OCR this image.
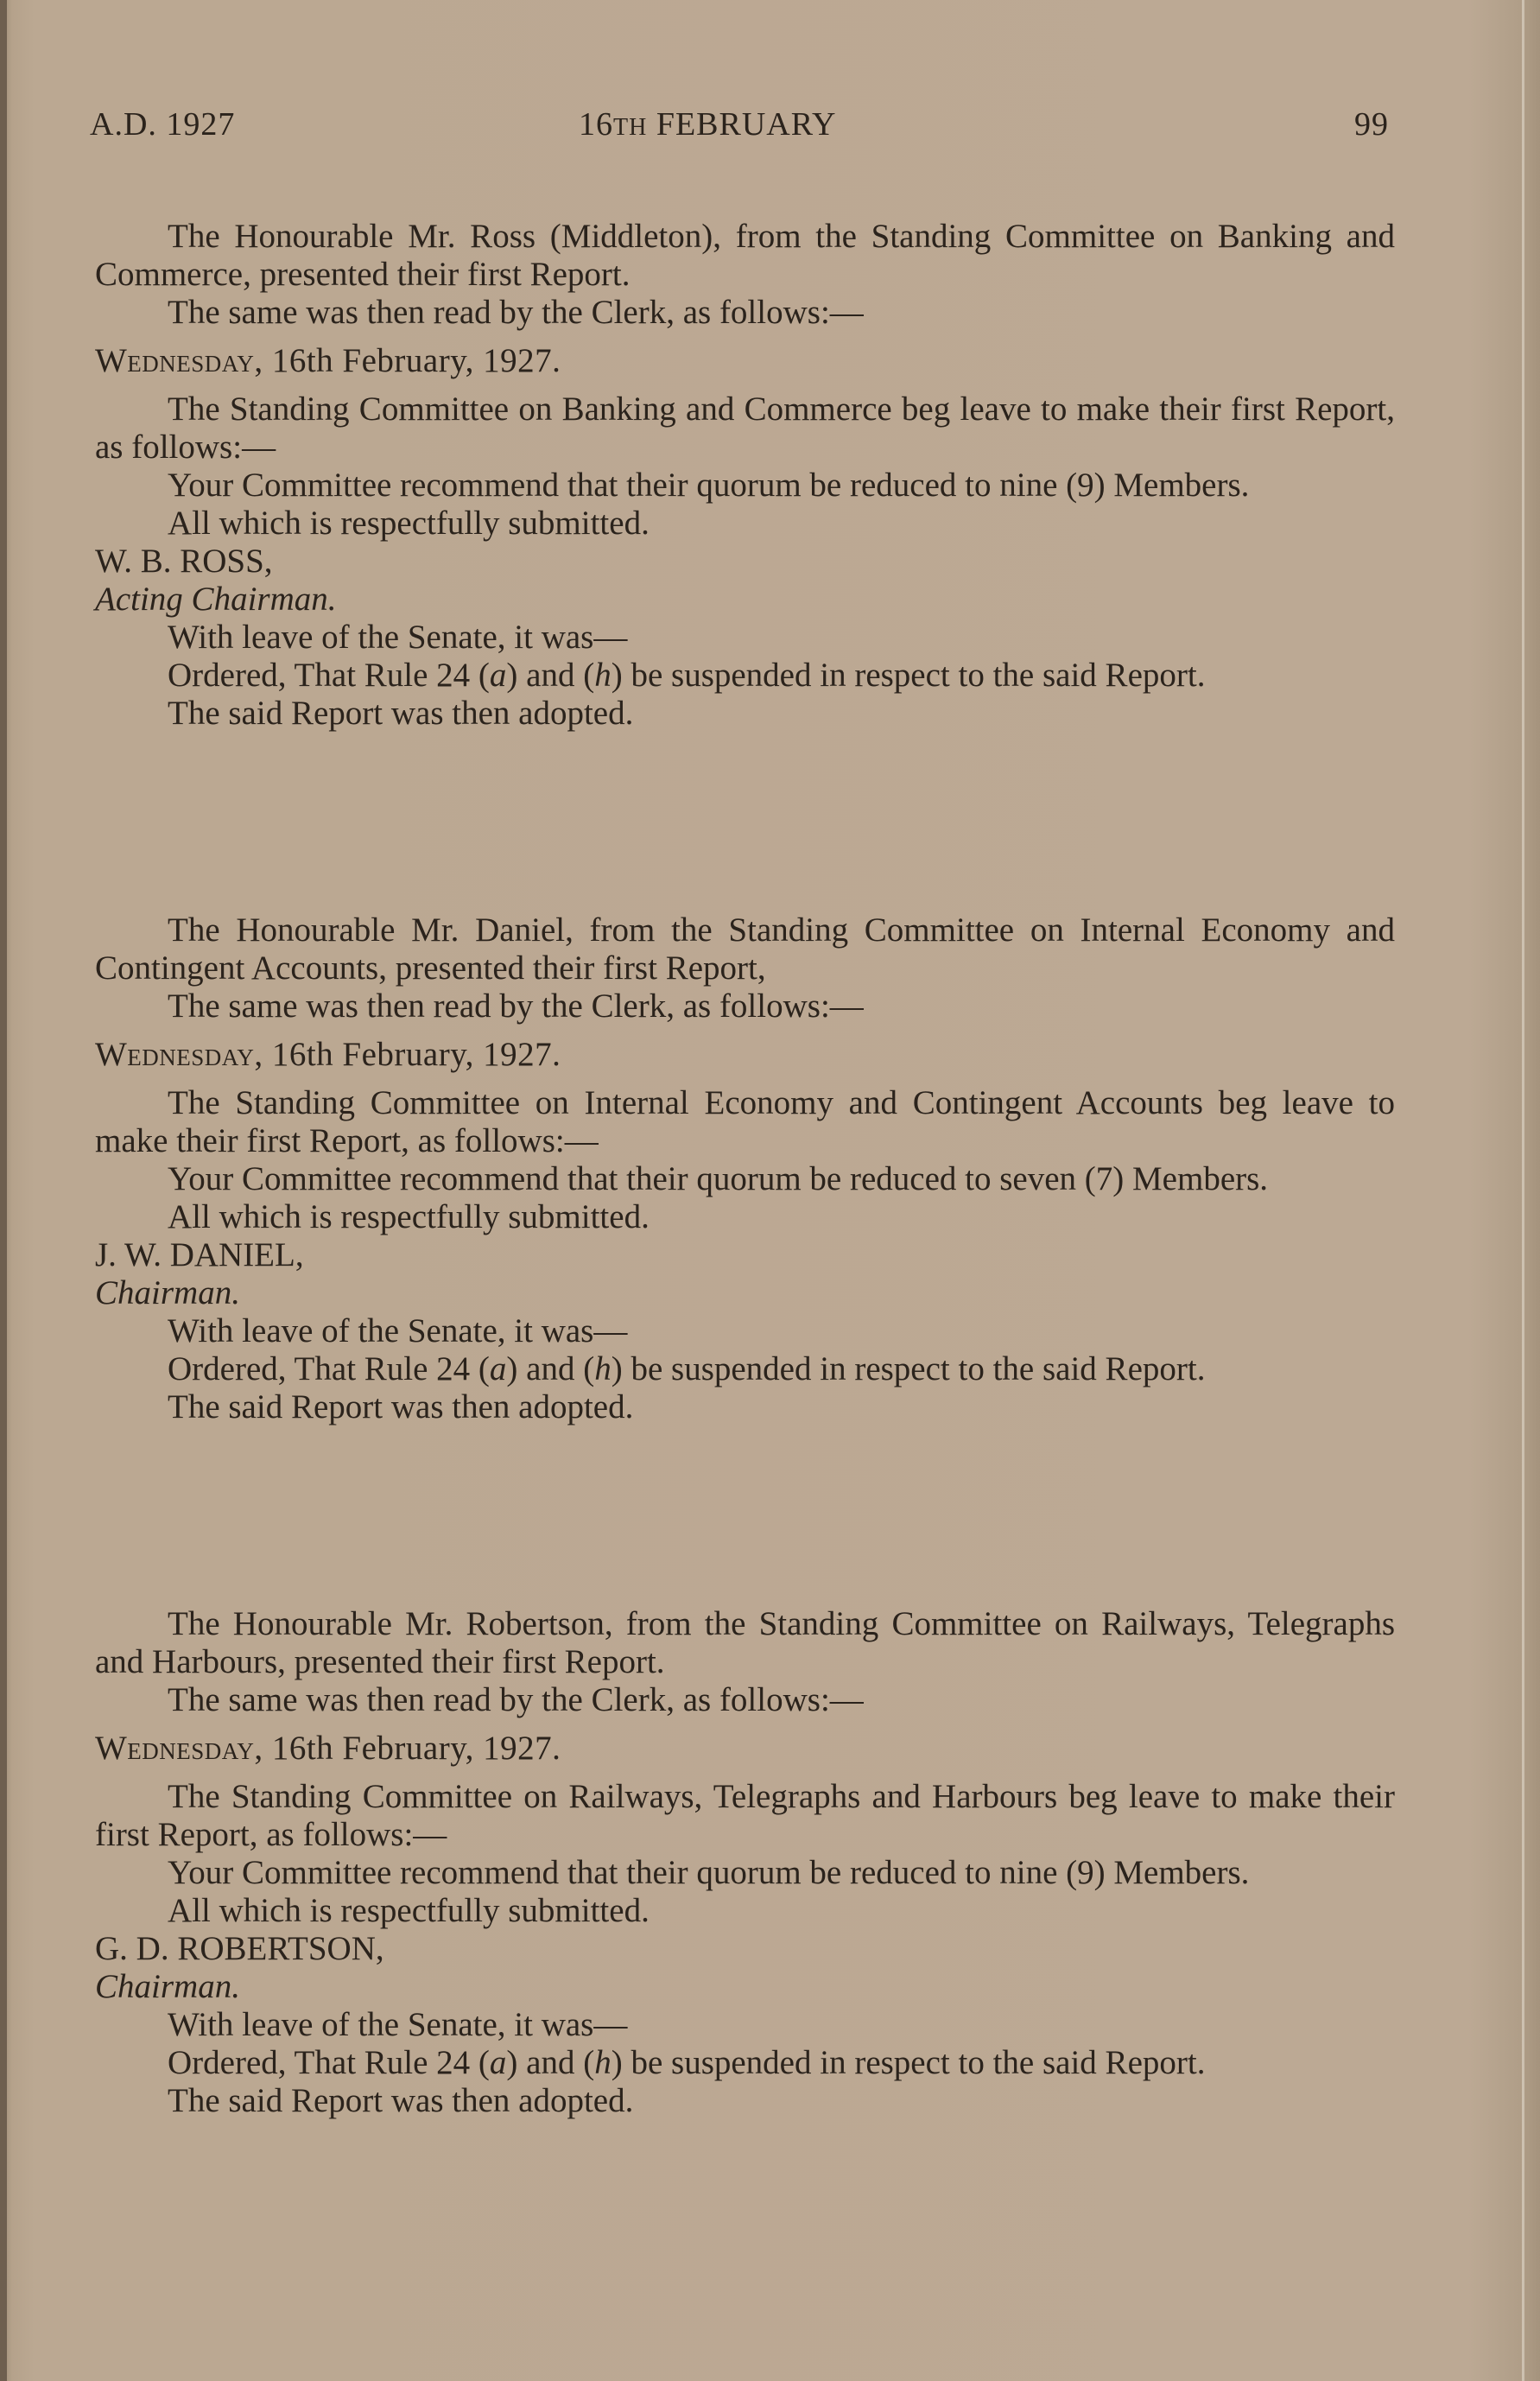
A.D. 1927	16TH FEBRUARY	99

The Honourable Mr. Ross (Middleton), from the Standing Committee on Banking and Commerce, presented their first Report.

The same was then read by the Clerk, as follows:—

Wednesday, 16th February, 1927.

The Standing Committee on Banking and Commerce beg leave to make their first Report, as follows:—

Your Committee recommend that their quorum be reduced to nine (9) Members.

All which is respectfully submitted.

W. B. ROSS,

Acting Chairman.

With leave of the Senate, it was—

Ordered, That Rule 24 (a) and (h) be suspended in respect to the said Report.

The said Report was then adopted.

The Honourable Mr. Daniel, from the Standing Committee on Internal Economy and Contingent Accounts, presented their first Report,

The same was then read by the Clerk, as follows:—

Wednesday, 16th February, 1927.

The Standing Committee on Internal Economy and Contingent Accounts beg leave to make their first Report, as follows:—

Your Committee recommend that their quorum be reduced to seven (7) Members.

All which is respectfully submitted.

J. W. DANIEL,

Chairman.

With leave of the Senate, it was—

Ordered, That Rule 24 (a) and (h) be suspended in respect to the said Report.

The said Report was then adopted.

The Honourable Mr. Robertson, from the Standing Committee on Railways, Telegraphs and Harbours, presented their first Report.

The same was then read by the Clerk, as follows:—

Wednesday, 16th February, 1927.

The Standing Committee on Railways, Telegraphs and Harbours beg leave to make their first Report, as follows:—

Your Committee recommend that their quorum be reduced to nine (9) Members.

All which is respectfully submitted.

G. D. ROBERTSON,

Chairman.

With leave of the Senate, it was—

Ordered, That Rule 24 (a) and (h) be suspended in respect to the said Report.

The said Report was then adopted.
